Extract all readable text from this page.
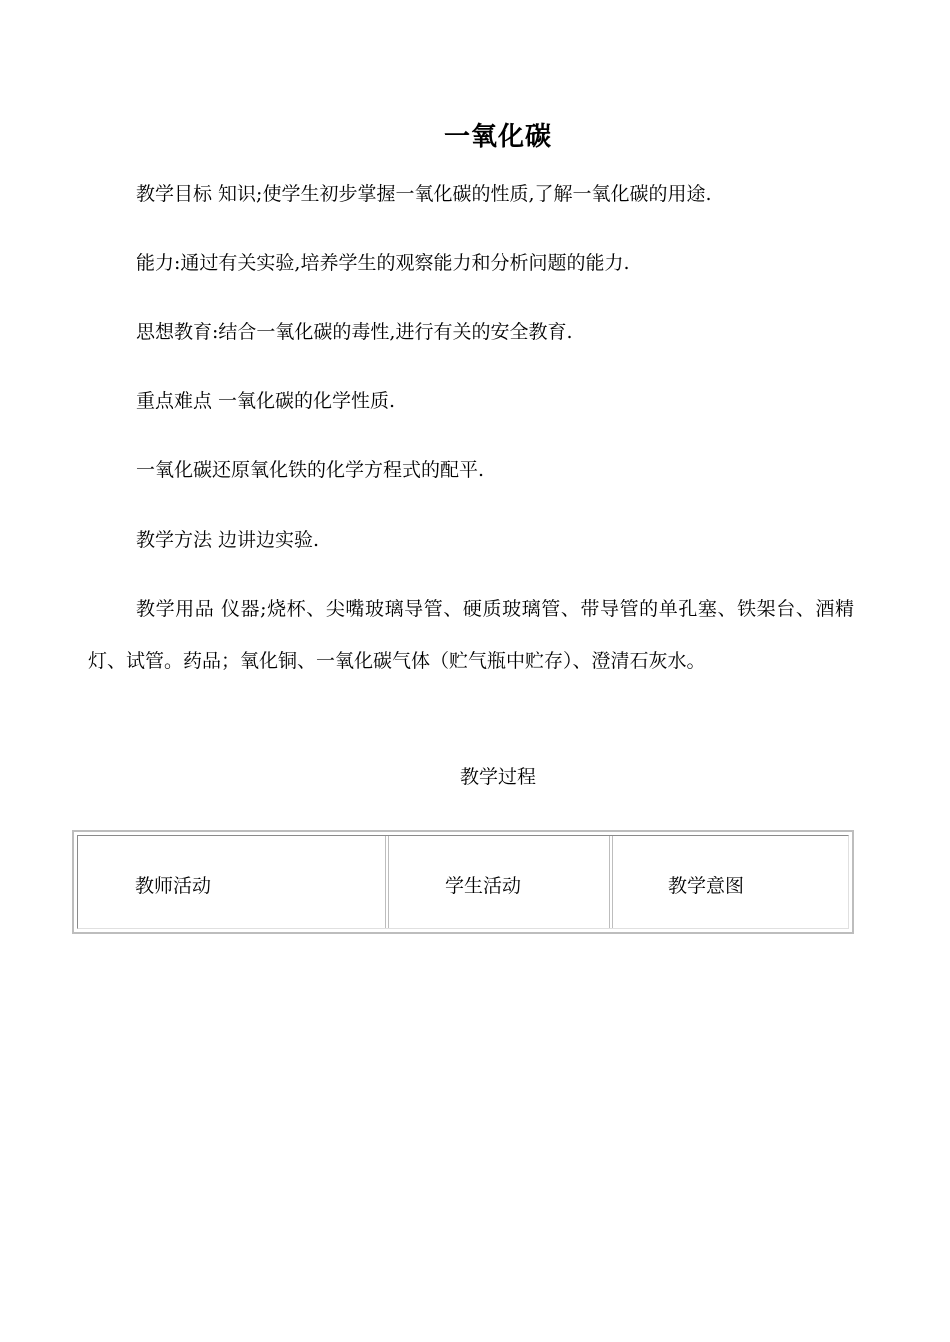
一氧化碳
教学目标 知识;使学生初步掌握一氧化碳的性质,了解一氧化碳的用途.
能力:通过有关实验,培养学生的观察能力和分析问题的能力.
思想教育:结合一氧化碳的毒性,进行有关的安全教育.
重点难点 一氧化碳的化学性质.
一氧化碳还原氧化铁的化学方程式的配平.
教学方法 边讲边实验.
教学用品 仪器;烧杯、尖嘴玻璃导管、硬质玻璃管、带导管的单孔塞、铁架台、酒精灯、试管。药品；氧化铜、一氧化碳气体（贮气瓶中贮存）、澄清石灰水。
教学过程
教师活动	学生活动	教学意图
